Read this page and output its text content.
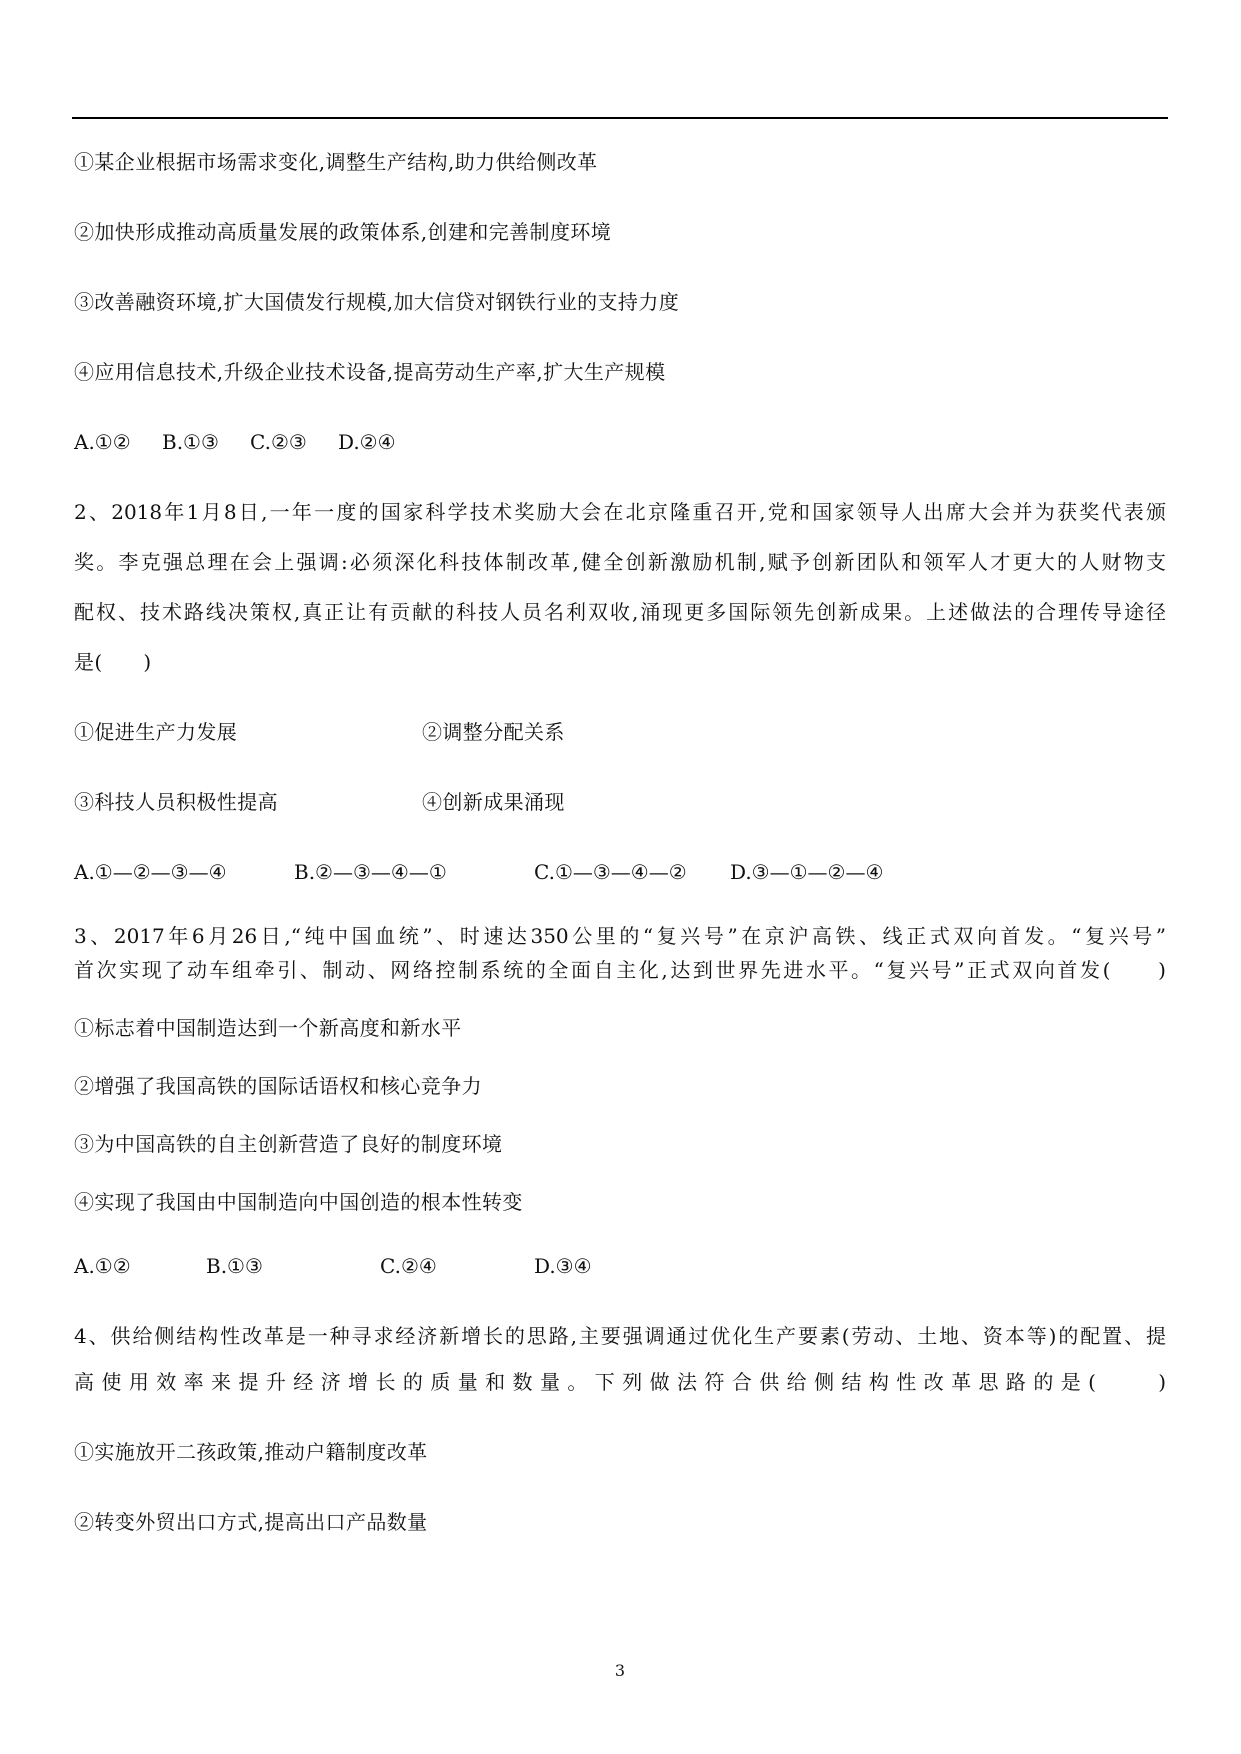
①某企业根据市场需求变化,调整生产结构,助力供给侧改革
②加快形成推动高质量发展的政策体系,创建和完善制度环境
③改善融资环境,扩大国债发行规模,加大信贷对钢铁行业的支持力度
④应用信息技术,升级企业技术设备,提高劳动生产率,扩大生产规模
A.①② B.①③ C.②③ D.②④
2、2018年1月8日,一年一度的国家科学技术奖励大会在北京隆重召开,党和国家领导人出席大会并为获奖代表颁
奖。李克强总理在会上强调:必须深化科技体制改革,健全创新激励机制,赋予创新团队和领军人才更大的人财物支
配权、技术路线决策权,真正让有贡献的科技人员名利双收,涌现更多国际领先创新成果。上述做法的合理传导途径
是(　　)
①促进生产力发展	②调整分配关系
③科技人员积极性提高	④创新成果涌现
A.①—②—③—④	B.②—③—④—①	C.①—③—④—② D.③—①—②—④
3、2017年6月26日,“纯中国血统”、时速达350公里的“复兴号”在京沪高铁、线正式双向首发。“复兴号”
首次实现了动车组牵引、制动、网络控制系统的全面自主化,达到世界先进水平。“复兴号”正式双向首发(　　)
①标志着中国制造达到一个新高度和新水平
②增强了我国高铁的国际话语权和核心竞争力
③为中国高铁的自主创新营造了良好的制度环境
④实现了我国由中国制造向中国创造的根本性转变
A.①②	B.①③	C.②④	D.③④
4、供给侧结构性改革是一种寻求经济新增长的思路,主要强调通过优化生产要素(劳动、土地、资本等)的配置、提
高使用效率来提升经济增长的质量和数量。下列做法符合供给侧结构性改革思路的是(　　)
①实施放开二孩政策,推动户籍制度改革
②转变外贸出口方式,提高出口产品数量
3
